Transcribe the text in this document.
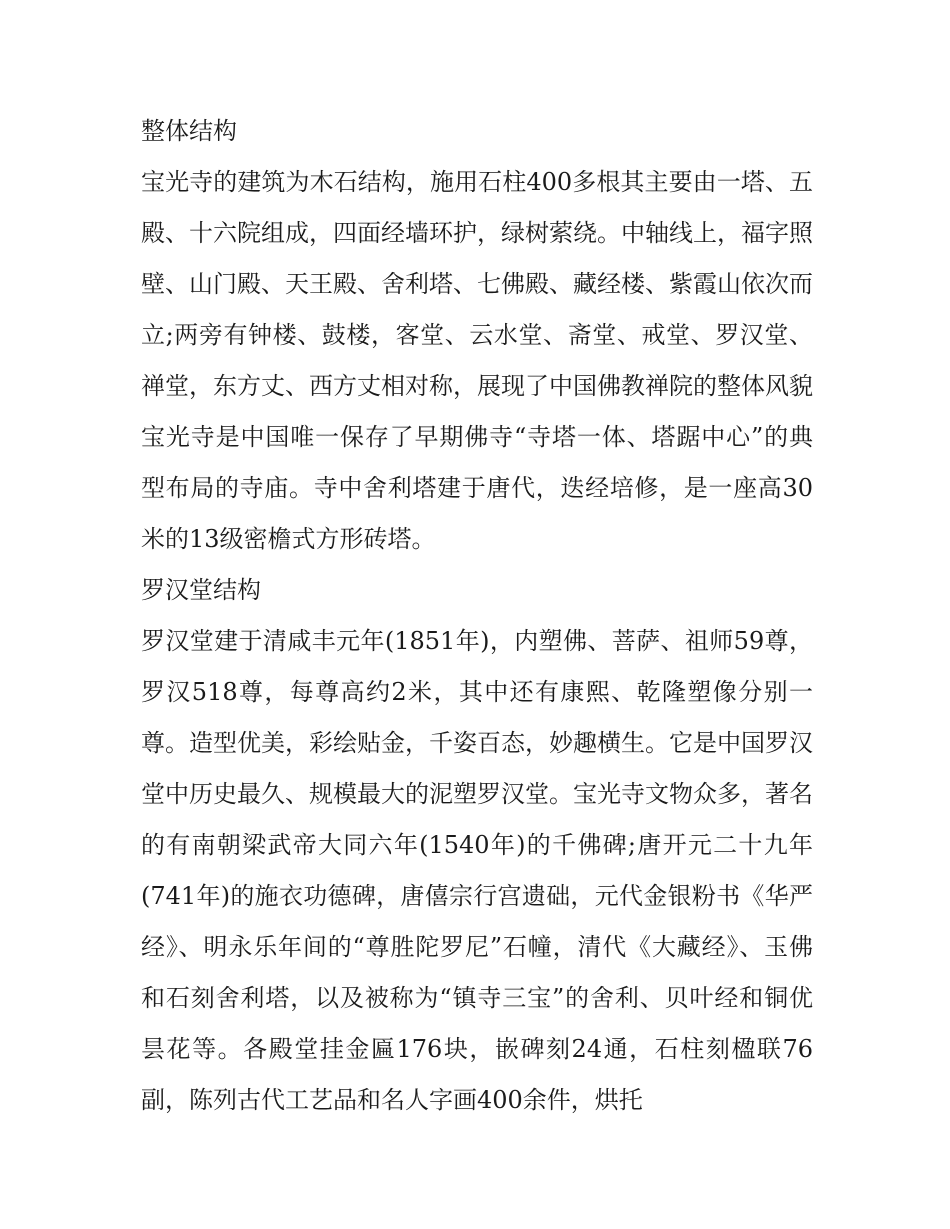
整体结构

宝光寺的建筑为木石结构，施用石柱400多根其主要由一塔、五殿、十六院组成，四面经墙环护，绿树萦绕。中轴线上，福字照壁、山门殿、天王殿、舍利塔、七佛殿、藏经楼、紫霞山依次而立;两旁有钟楼、鼓楼，客堂、云水堂、斋堂、戒堂、罗汉堂、禅堂，东方丈、西方丈相对称，展现了中国佛教禅院的整体风貌宝光寺是中国唯一保存了早期佛寺“寺塔一体、塔踞中心”的典型布局的寺庙。寺中舍利塔建于唐代，迭经培修，是一座高30米的13级密檐式方形砖塔。

罗汉堂结构

罗汉堂建于清咸丰元年(1851年)，内塑佛、菩萨、祖师59尊，罗汉518尊，每尊高约2米，其中还有康熙、乾隆塑像分别一尊。造型优美，彩绘贴金，千姿百态，妙趣横生。它是中国罗汉堂中历史最久、规模最大的泥塑罗汉堂。宝光寺文物众多，著名的有南朝梁武帝大同六年(1540年)的千佛碑;唐开元二十九年(741年)的施衣功德碑，唐僖宗行宫遗础，元代金银粉书《华严经》、明永乐年间的“尊胜陀罗尼”石幢，清代《大藏经》、玉佛和石刻舍利塔，以及被称为“镇寺三宝”的舍利、贝叶经和铜优昙花等。各殿堂挂金匾176块，嵌碑刻24通，石柱刻楹联76副，陈列古代工艺品和名人字画400余件，烘托
